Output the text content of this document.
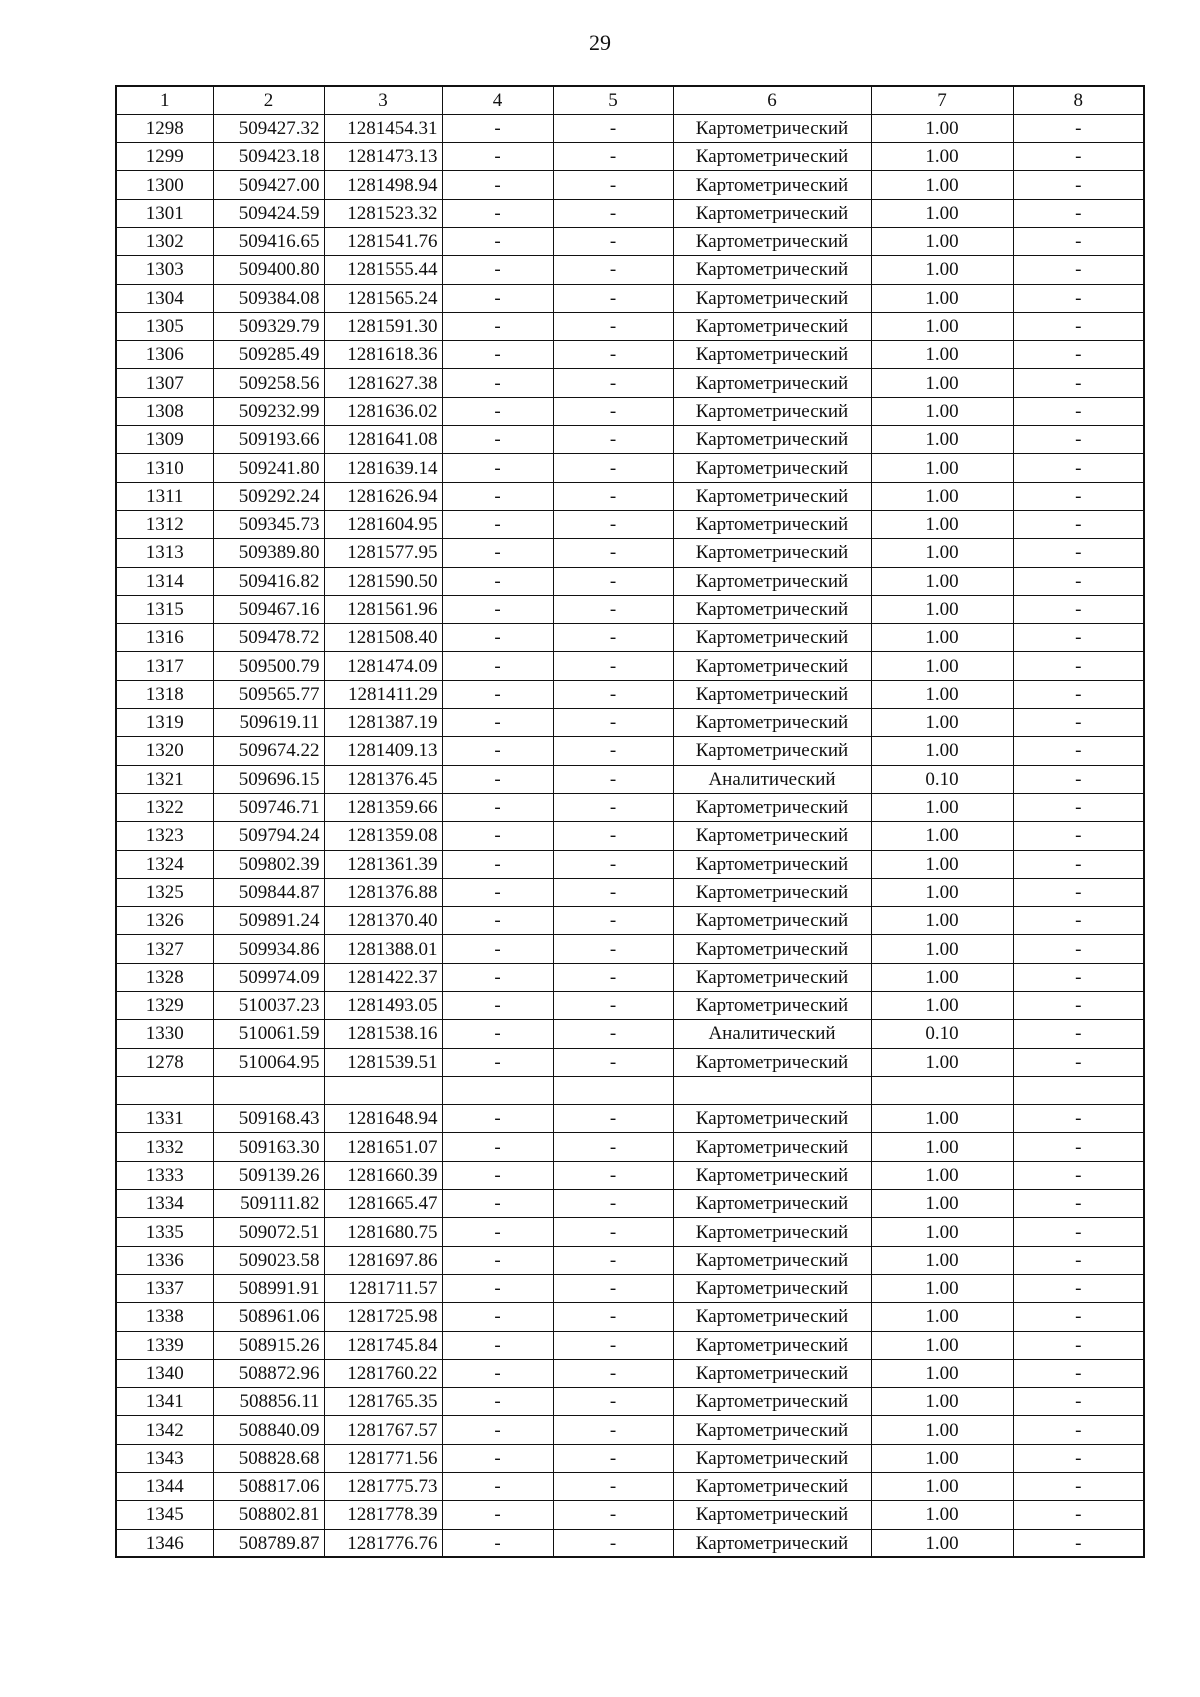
29
1	2	3	4	5	6	7	8
1298	509427.32	1281454.31	-	-	Картометрический	1.00	-
1299	509423.18	1281473.13	-	-	Картометрический	1.00	-
1300	509427.00	1281498.94	-	-	Картометрический	1.00	-
1301	509424.59	1281523.32	-	-	Картометрический	1.00	-
1302	509416.65	1281541.76	-	-	Картометрический	1.00	-
1303	509400.80	1281555.44	-	-	Картометрический	1.00	-
1304	509384.08	1281565.24	-	-	Картометрический	1.00	-
1305	509329.79	1281591.30	-	-	Картометрический	1.00	-
1306	509285.49	1281618.36	-	-	Картометрический	1.00	-
1307	509258.56	1281627.38	-	-	Картометрический	1.00	-
1308	509232.99	1281636.02	-	-	Картометрический	1.00	-
1309	509193.66	1281641.08	-	-	Картометрический	1.00	-
1310	509241.80	1281639.14	-	-	Картометрический	1.00	-
1311	509292.24	1281626.94	-	-	Картометрический	1.00	-
1312	509345.73	1281604.95	-	-	Картометрический	1.00	-
1313	509389.80	1281577.95	-	-	Картометрический	1.00	-
1314	509416.82	1281590.50	-	-	Картометрический	1.00	-
1315	509467.16	1281561.96	-	-	Картометрический	1.00	-
1316	509478.72	1281508.40	-	-	Картометрический	1.00	-
1317	509500.79	1281474.09	-	-	Картометрический	1.00	-
1318	509565.77	1281411.29	-	-	Картометрический	1.00	-
1319	509619.11	1281387.19	-	-	Картометрический	1.00	-
1320	509674.22	1281409.13	-	-	Картометрический	1.00	-
1321	509696.15	1281376.45	-	-	Аналитический	0.10	-
1322	509746.71	1281359.66	-	-	Картометрический	1.00	-
1323	509794.24	1281359.08	-	-	Картометрический	1.00	-
1324	509802.39	1281361.39	-	-	Картометрический	1.00	-
1325	509844.87	1281376.88	-	-	Картометрический	1.00	-
1326	509891.24	1281370.40	-	-	Картометрический	1.00	-
1327	509934.86	1281388.01	-	-	Картометрический	1.00	-
1328	509974.09	1281422.37	-	-	Картометрический	1.00	-
1329	510037.23	1281493.05	-	-	Картометрический	1.00	-
1330	510061.59	1281538.16	-	-	Аналитический	0.10	-
1278	510064.95	1281539.51	-	-	Картометрический	1.00	-

1331	509168.43	1281648.94	-	-	Картометрический	1.00	-
1332	509163.30	1281651.07	-	-	Картометрический	1.00	-
1333	509139.26	1281660.39	-	-	Картометрический	1.00	-
1334	509111.82	1281665.47	-	-	Картометрический	1.00	-
1335	509072.51	1281680.75	-	-	Картометрический	1.00	-
1336	509023.58	1281697.86	-	-	Картометрический	1.00	-
1337	508991.91	1281711.57	-	-	Картометрический	1.00	-
1338	508961.06	1281725.98	-	-	Картометрический	1.00	-
1339	508915.26	1281745.84	-	-	Картометрический	1.00	-
1340	508872.96	1281760.22	-	-	Картометрический	1.00	-
1341	508856.11	1281765.35	-	-	Картометрический	1.00	-
1342	508840.09	1281767.57	-	-	Картометрический	1.00	-
1343	508828.68	1281771.56	-	-	Картометрический	1.00	-
1344	508817.06	1281775.73	-	-	Картометрический	1.00	-
1345	508802.81	1281778.39	-	-	Картометрический	1.00	-
1346	508789.87	1281776.76	-	-	Картометрический	1.00	-
